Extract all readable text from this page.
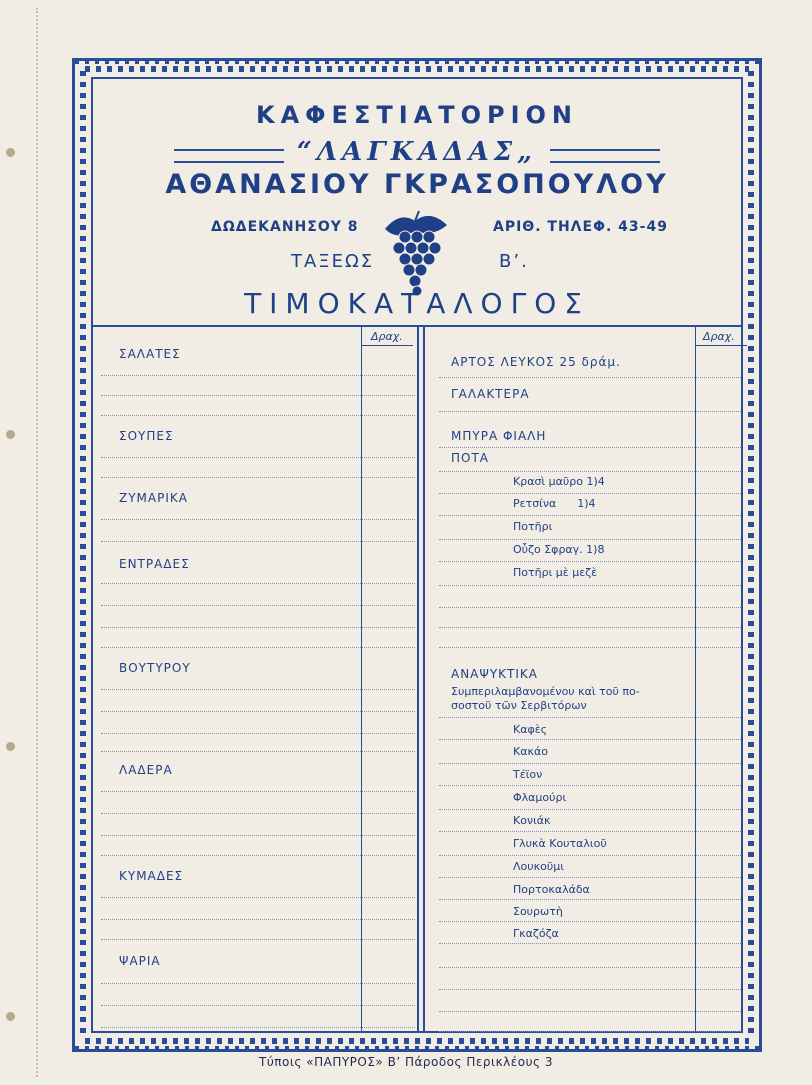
ΚΑΦΕΣΤΙΑΤΟΡΙΟΝ
“ΛΑΓΚΑΔΑΣ„
ΑΘΑΝΑΣΙΟΥ ΓΚΡΑΣΟΠΟΥΛΟΥ
ΔΩΔΕΚΑΝΗΣΟΥ 8	ΑΡΙΘ. ΤΗΛΕΦ. 43-49
ΤΑΞΕΩΣ	Β’.
ΤΙΜΟΚΑΤΑΛΟΓΟΣ
Δραχ.
ΣΑΛΑΤΕΣ
ΣΟΥΠΕΣ
ΖΥΜΑΡΙΚΑ
ΕΝΤΡΑΔΕΣ
ΒΟΥΤΥΡΟΥ
ΛΑΔΕΡΑ
ΚΥΜΑΔΕΣ
ΨΑΡΙΑ
Δραχ.
ΑΡΤΟΣ ΛΕΥΚΟΣ 25 δράμ.
ΓΑΛΑΚΤΕΡΑ
ΜΠΥΡΑ ΦΙΑΛΗ
ΠΟΤΑ
Κρασὶ μαῦρο 1)4
Ρετσίνα      1)4
Ποτῆρι
Οὖζο Σφραγ. 1)8
Ποτῆρι μὲ μεζὲ
ΑΝΑΨΥΚΤΙΚΑ
Συμπεριλαμβανομένου καὶ τοῦ πο-
σοστοῦ τῶν Σερβιτόρων
Καφὲς
Κακάο
Τέϊον
Φλαμούρι
Κονιάκ
Γλυκὰ Κουταλιοῦ
Λουκοῦμι
Πορτοκαλάδα
Σουρωτὴ
Γκαζόζα
Τύποις «ΠΑΠΥΡΟΣ» Β’ Πάροδος Περικλέους 3
